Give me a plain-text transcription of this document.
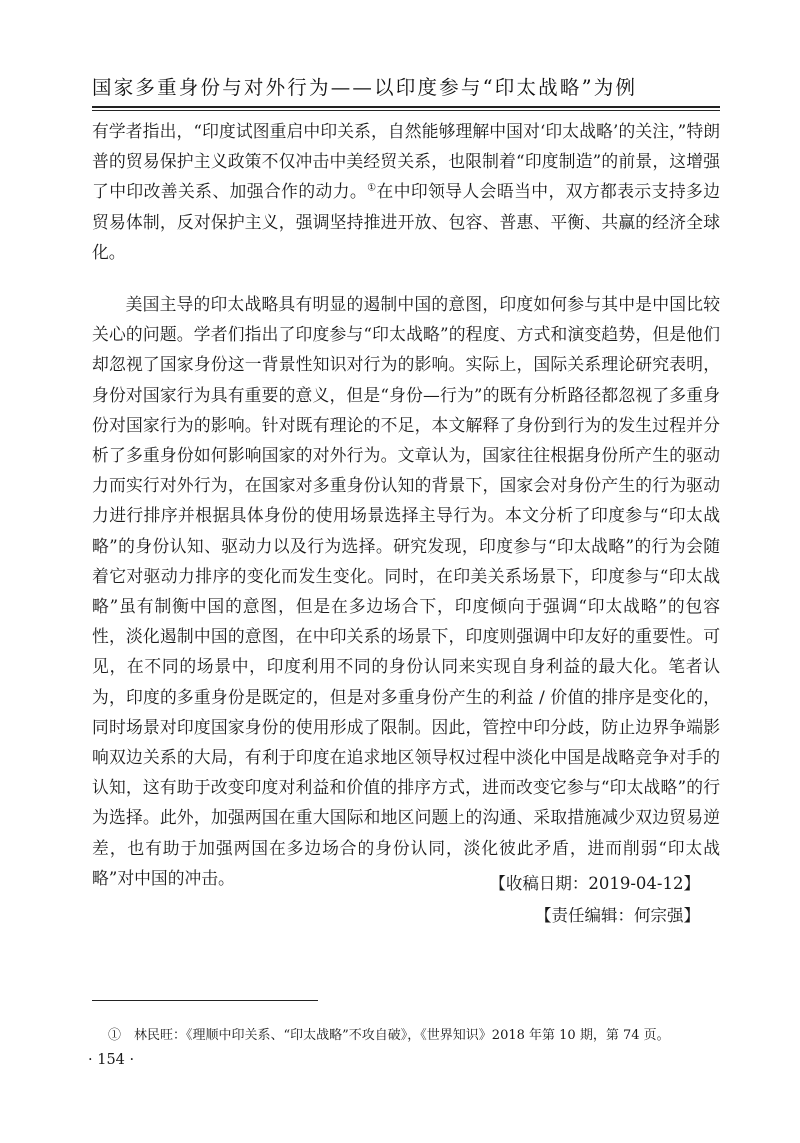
国家多重身份与对外行为——以印度参与“印太战略”为例

有学者指出，“印度试图重启中印关系，自然能够理解中国对‘印太战略’的关注，”特朗普的贸易保护主义政策不仅冲击中美经贸关系，也限制着“印度制造”的前景，这增强了中印改善关系、加强合作的动力。①在中印领导人会晤当中，双方都表示支持多边贸易体制，反对保护主义，强调坚持推进开放、包容、普惠、平衡、共赢的经济全球化。

美国主导的印太战略具有明显的遏制中国的意图，印度如何参与其中是中国比较关心的问题。学者们指出了印度参与“印太战略”的程度、方式和演变趋势，但是他们却忽视了国家身份这一背景性知识对行为的影响。实际上，国际关系理论研究表明，身份对国家行为具有重要的意义，但是“身份—行为”的既有分析路径都忽视了多重身份对国家行为的影响。针对既有理论的不足，本文解释了身份到行为的发生过程并分析了多重身份如何影响国家的对外行为。文章认为，国家往往根据身份所产生的驱动力而实行对外行为，在国家对多重身份认知的背景下，国家会对身份产生的行为驱动力进行排序并根据具体身份的使用场景选择主导行为。本文分析了印度参与“印太战略”的身份认知、驱动力以及行为选择。研究发现，印度参与“印太战略”的行为会随着它对驱动力排序的变化而发生变化。同时，在印美关系场景下，印度参与“印太战略”虽有制衡中国的意图，但是在多边场合下，印度倾向于强调“印太战略”的包容性，淡化遏制中国的意图，在中印关系的场景下，印度则强调中印友好的重要性。可见，在不同的场景中，印度利用不同的身份认同来实现自身利益的最大化。笔者认为，印度的多重身份是既定的，但是对多重身份产生的利益 / 价值的排序是变化的，同时场景对印度国家身份的使用形成了限制。因此，管控中印分歧，防止边界争端影响双边关系的大局，有利于印度在追求地区领导权过程中淡化中国是战略竞争对手的认知，这有助于改变印度对利益和价值的排序方式，进而改变它参与“印太战略”的行为选择。此外，加强两国在重大国际和地区问题上的沟通、采取措施减少双边贸易逆差，也有助于加强两国在多边场合的身份认同，淡化彼此矛盾，进而削弱“印太战略”对中国的冲击。	【收稿日期：2019-04-12】
【责任编辑：何宗强】
①　林民旺：《理顺中印关系、“印太战略”不攻自破》，《世界知识》2018 年第 10 期，第 74 页。
· 154 ·
